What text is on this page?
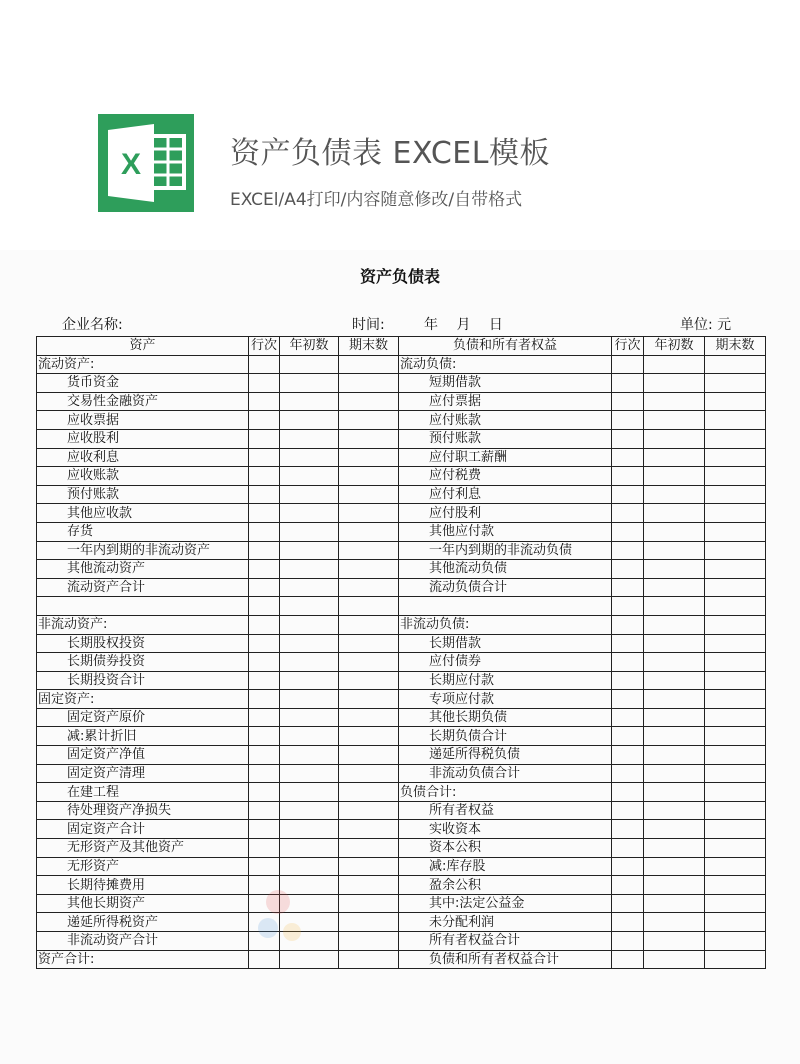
X	资产负债表 EXCEL模板
EXCEl/A4打印/内容随意修改/自带格式
资产负债表
企业名称:	时间:	年 月 日	单位: 元
资产	行次	年初数	期末数	负债和所有者权益	行次	年初数	期末数
流动资产:				流动负债:			
货币资金				短期借款			
交易性金融资产				应付票据			
应收票据				应付账款			
应收股利				预付账款			
应收利息				应付职工薪酬			
应收账款				应付税费			
预付账款				应付利息			
其他应收款				应付股利			
存货				其他应付款			
一年内到期的非流动资产				一年内到期的非流动负债			
其他流动资产				其他流动负债			
流动资产合计				流动负债合计			

非流动资产:				非流动负债:			
长期股权投资				长期借款			
长期债券投资				应付债券			
长期投资合计				长期应付款			
固定资产:				专项应付款			
固定资产原价				其他长期负债			
减:累计折旧				长期负债合计			
固定资产净值				递延所得税负债			
固定资产清理				非流动负债合计			
在建工程				负债合计:			
待处理资产净损失				所有者权益			
固定资产合计				实收资本			
无形资产及其他资产				资本公积			
无形资产				减:库存股			
长期待摊费用				盈余公积			
其他长期资产				其中:法定公益金			
递延所得税资产				未分配利润			
非流动资产合计				所有者权益合计			
资产合计:				负债和所有者权益合计			
